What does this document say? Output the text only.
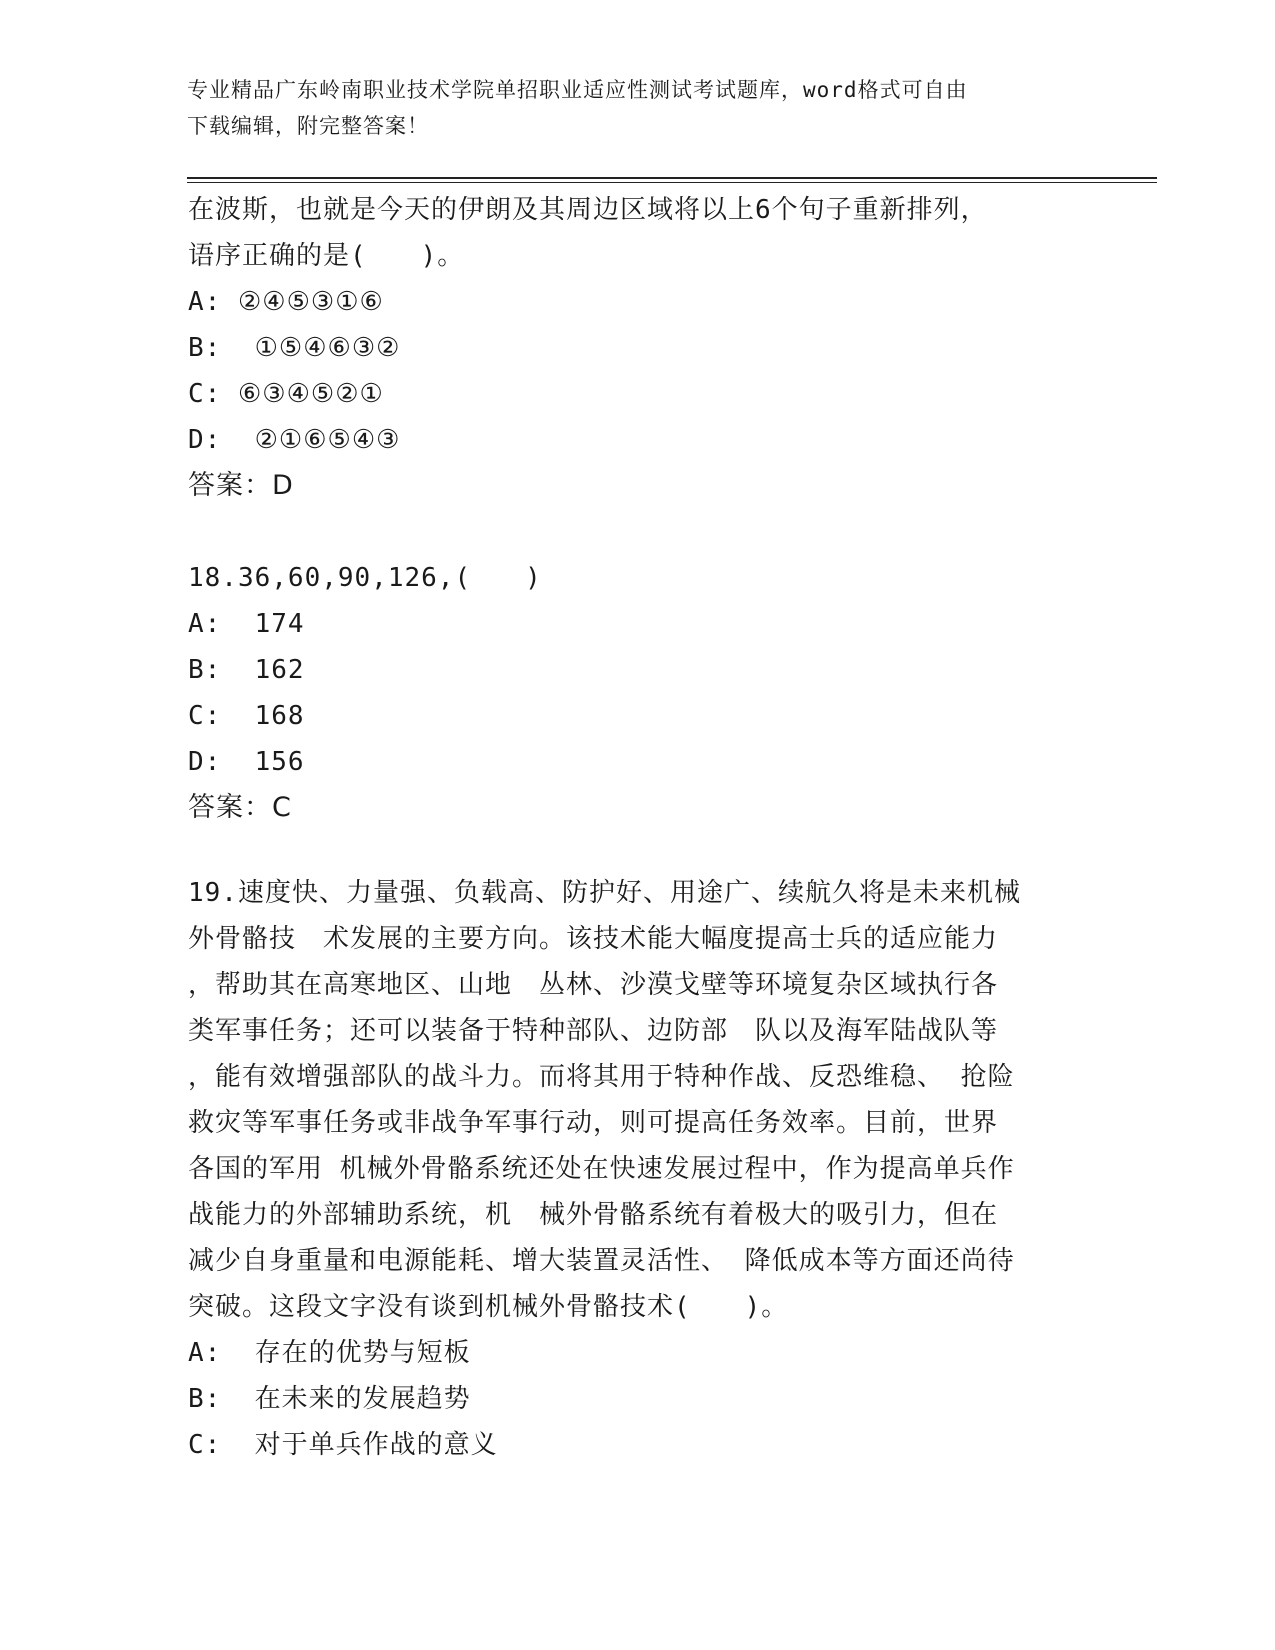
专业精品广东岭南职业技术学院单招职业适应性测试考试题库，word格式可自由
下载编辑，附完整答案！
在波斯，也就是今天的伊朗及其周边区域将以上6个句子重新排列，
语序正确的是(　　)。
A: ②④⑤③①⑥
B:  ①⑤④⑥③②
C: ⑥③④⑤②①
D:  ②①⑥⑤④③
答案：D
18.36,60,90,126,(　　)
A:  174
B:  162
C:  168
D:  156
答案：C
19.速度快、力量强、负载高、防护好、用途广、续航久将是未来机械
外骨骼技　术发展的主要方向。该技术能大幅度提高士兵的适应能力
，帮助其在高寒地区、山地　丛林、沙漠戈壁等环境复杂区域执行各
类军事任务；还可以装备于特种部队、边防部　队以及海军陆战队等
，能有效增强部队的战斗力。而将其用于特种作战、反恐维稳、 抢险
救灾等军事任务或非战争军事行动，则可提高任务效率。目前，世界
各国的军用 机械外骨骼系统还处在快速发展过程中，作为提高单兵作
战能力的外部辅助系统，机　械外骨骼系统有着极大的吸引力，但在
减少自身重量和电源能耗、增大装置灵活性、 降低成本等方面还尚待
突破。这段文字没有谈到机械外骨骼技术(　　)。
A:  存在的优势与短板
B:  在未来的发展趋势
C:  对于单兵作战的意义
